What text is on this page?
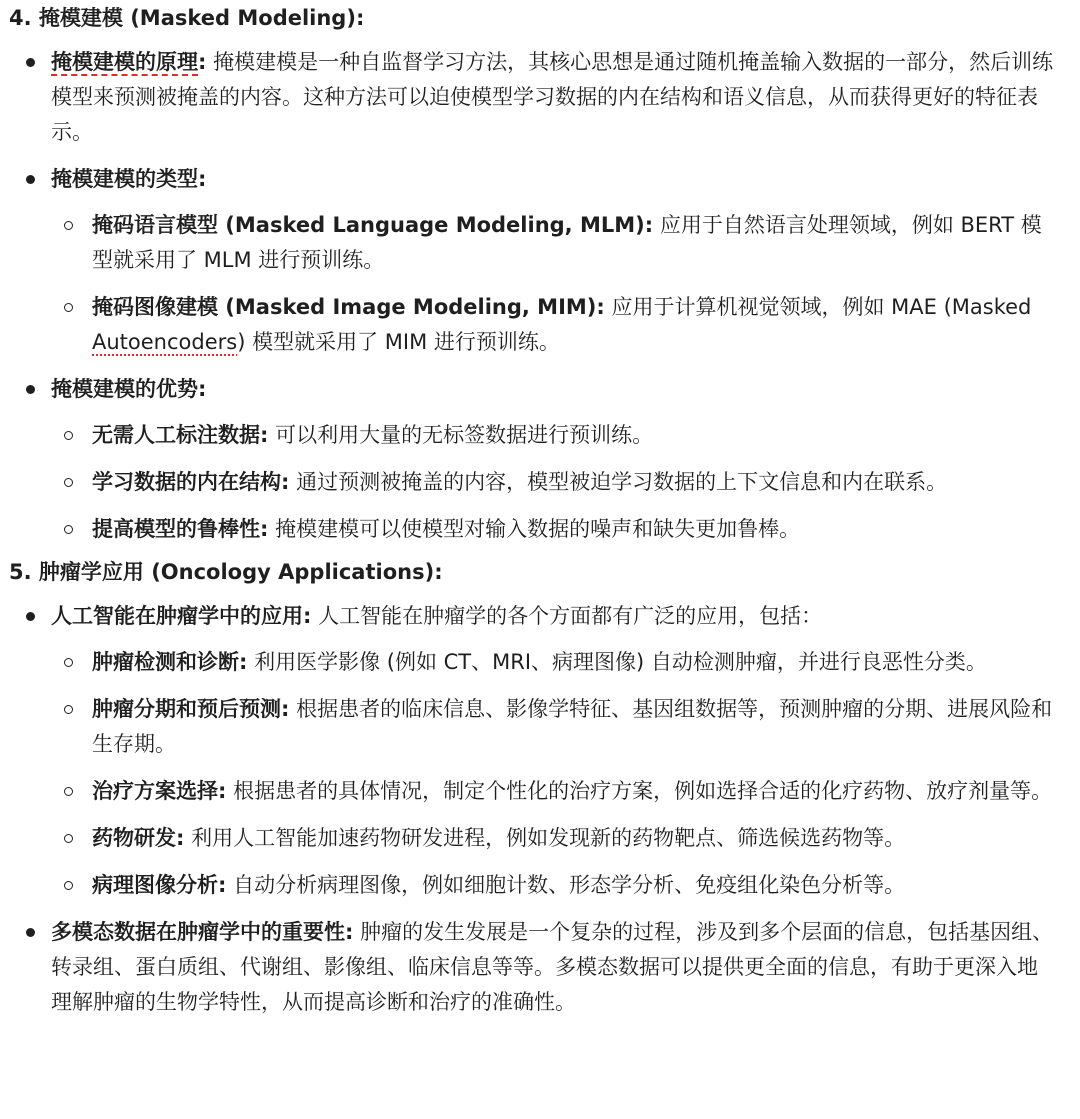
4. 掩模建模 (Masked Modeling):
掩模建模的原理: 掩模建模是一种自监督学习方法，其核心思想是通过随机掩盖输入数据的一部分，然后训练模型来预测被掩盖的内容。这种方法可以迫使模型学习数据的内在结构和语义信息，从而获得更好的特征表示。
掩模建模的类型:
掩码语言模型 (Masked Language Modeling, MLM): 应用于自然语言处理领域，例如 BERT 模型就采用了 MLM 进行预训练。
掩码图像建模 (Masked Image Modeling, MIM): 应用于计算机视觉领域，例如 MAE (Masked Autoencoders) 模型就采用了 MIM 进行预训练。
掩模建模的优势:
无需人工标注数据: 可以利用大量的无标签数据进行预训练。
学习数据的内在结构: 通过预测被掩盖的内容，模型被迫学习数据的上下文信息和内在联系。
提高模型的鲁棒性: 掩模建模可以使模型对输入数据的噪声和缺失更加鲁棒。
5. 肿瘤学应用 (Oncology Applications):
人工智能在肿瘤学中的应用: 人工智能在肿瘤学的各个方面都有广泛的应用，包括：
肿瘤检测和诊断: 利用医学影像 (例如 CT、MRI、病理图像) 自动检测肿瘤，并进行良恶性分类。
肿瘤分期和预后预测: 根据患者的临床信息、影像学特征、基因组数据等，预测肿瘤的分期、进展风险和生存期。
治疗方案选择: 根据患者的具体情况，制定个性化的治疗方案，例如选择合适的化疗药物、放疗剂量等。
药物研发: 利用人工智能加速药物研发进程，例如发现新的药物靶点、筛选候选药物等。
病理图像分析: 自动分析病理图像，例如细胞计数、形态学分析、免疫组化染色分析等。
多模态数据在肿瘤学中的重要性: 肿瘤的发生发展是一个复杂的过程，涉及到多个层面的信息，包括基因组、转录组、蛋白质组、代谢组、影像组、临床信息等等。多模态数据可以提供更全面的信息，有助于更深入地理解肿瘤的生物学特性，从而提高诊断和治疗的准确性。
